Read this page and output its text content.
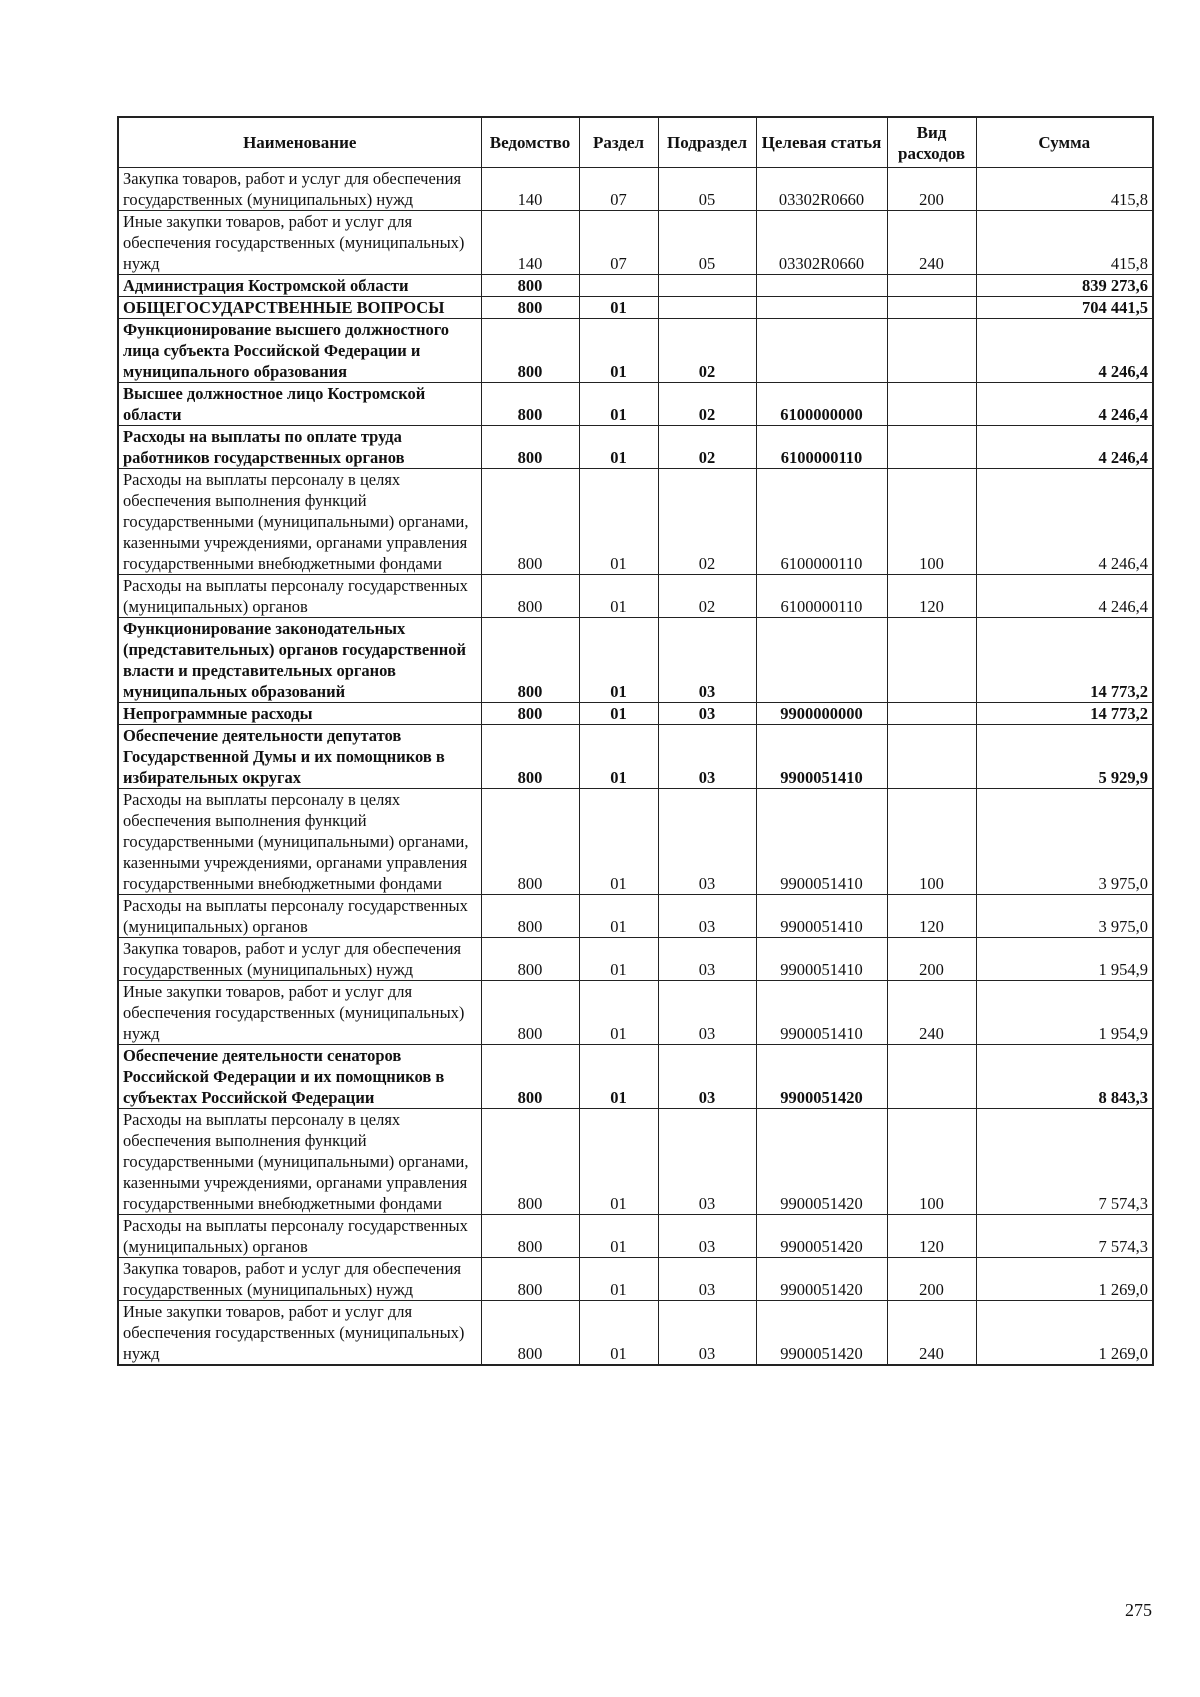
Наименование	Ведомство	Раздел	Подраздел	Целевая статья	Вид расходов	Сумма
Закупка товаров, работ и услуг для обеспечения государственных (муниципальных) нужд	140	07	05	03302R0660	200	415,8
Иные закупки товаров, работ и услуг для обеспечения государственных (муниципальных) нужд	140	07	05	03302R0660	240	415,8
Администрация Костромской области	800					839 273,6
ОБЩЕГОСУДАРСТВЕННЫЕ ВОПРОСЫ	800	01				704 441,5
Функционирование высшего должностного лица субъекта Российской Федерации и муниципального образования	800	01	02			4 246,4
Высшее должностное лицо Костромской области	800	01	02	6100000000		4 246,4
Расходы на выплаты по оплате труда работников государственных органов	800	01	02	6100000110		4 246,4
Расходы на выплаты персоналу в целях обеспечения выполнения функций государственными (муниципальными) органами, казенными учреждениями, органами управления государственными внебюджетными фондами	800	01	02	6100000110	100	4 246,4
Расходы на выплаты персоналу государственных (муниципальных) органов	800	01	02	6100000110	120	4 246,4
Функционирование законодательных (представительных) органов государственной власти и представительных органов муниципальных образований	800	01	03			14 773,2
Непрограммные расходы	800	01	03	9900000000		14 773,2
Обеспечение деятельности депутатов Государственной Думы и их помощников в избирательных округах	800	01	03	9900051410		5 929,9
Расходы на выплаты персоналу в целях обеспечения выполнения функций государственными (муниципальными) органами, казенными учреждениями, органами управления государственными внебюджетными фондами	800	01	03	9900051410	100	3 975,0
Расходы на выплаты персоналу государственных (муниципальных) органов	800	01	03	9900051410	120	3 975,0
Закупка товаров, работ и услуг для обеспечения государственных (муниципальных) нужд	800	01	03	9900051410	200	1 954,9
Иные закупки товаров, работ и услуг для обеспечения государственных (муниципальных) нужд	800	01	03	9900051410	240	1 954,9
Обеспечение деятельности сенаторов Российской Федерации и их помощников в субъектах Российской Федерации	800	01	03	9900051420		8 843,3
Расходы на выплаты персоналу в целях обеспечения выполнения функций государственными (муниципальными) органами, казенными учреждениями, органами управления государственными внебюджетными фондами	800	01	03	9900051420	100	7 574,3
Расходы на выплаты персоналу государственных (муниципальных) органов	800	01	03	9900051420	120	7 574,3
Закупка товаров, работ и услуг для обеспечения государственных (муниципальных) нужд	800	01	03	9900051420	200	1 269,0
Иные закупки товаров, работ и услуг для обеспечения государственных (муниципальных) нужд	800	01	03	9900051420	240	1 269,0
275
